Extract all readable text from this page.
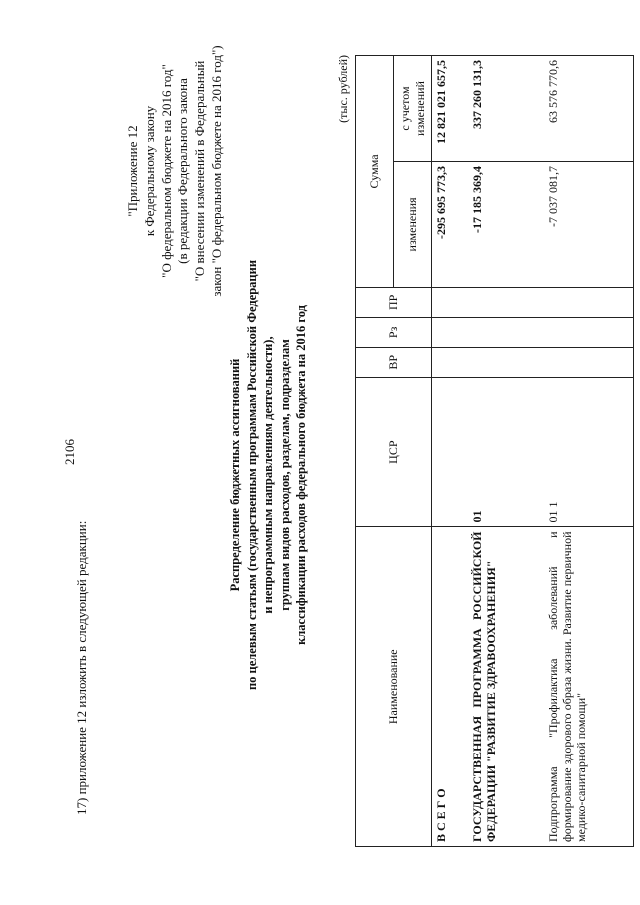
2106
17) приложение 12 изложить в следующей редакции:
"Приложение 12 к Федеральному закону "О федеральном бюджете на 2016 год" (в редакции Федерального закона "О внесении изменений в Федеральный закон "О федеральном бюджете на 2016 год")
Распределение бюджетных ассигнований по целевым статьям (государственным программам Российской Федерации и непрограммным направлениям деятельности), группам видов расходов, разделам, подразделам классификации расходов федерального бюджета на 2016 год
(тыс. рублей)
Наименование	ЦСР	ВР	Рз	ПР	Сумма	
					изменения	с учетом изменений
В С Е Г О					-295 695 773,3	12 821 021 657,5
ГОСУДАРСТВЕННАЯ ПРОГРАММА РОССИЙСКОЙ ФЕДЕРАЦИИ "РАЗВИТИЕ ЗДРАВООХРАНЕНИЯ"	01				-17 185 369,4	337 260 131,3
Подпрограмма "Профилактика заболеваний и формирование здорового образа жизни. Развитие первичной медико-санитарной помощи"	01 1				-7 037 081,7	63 576 770,6
